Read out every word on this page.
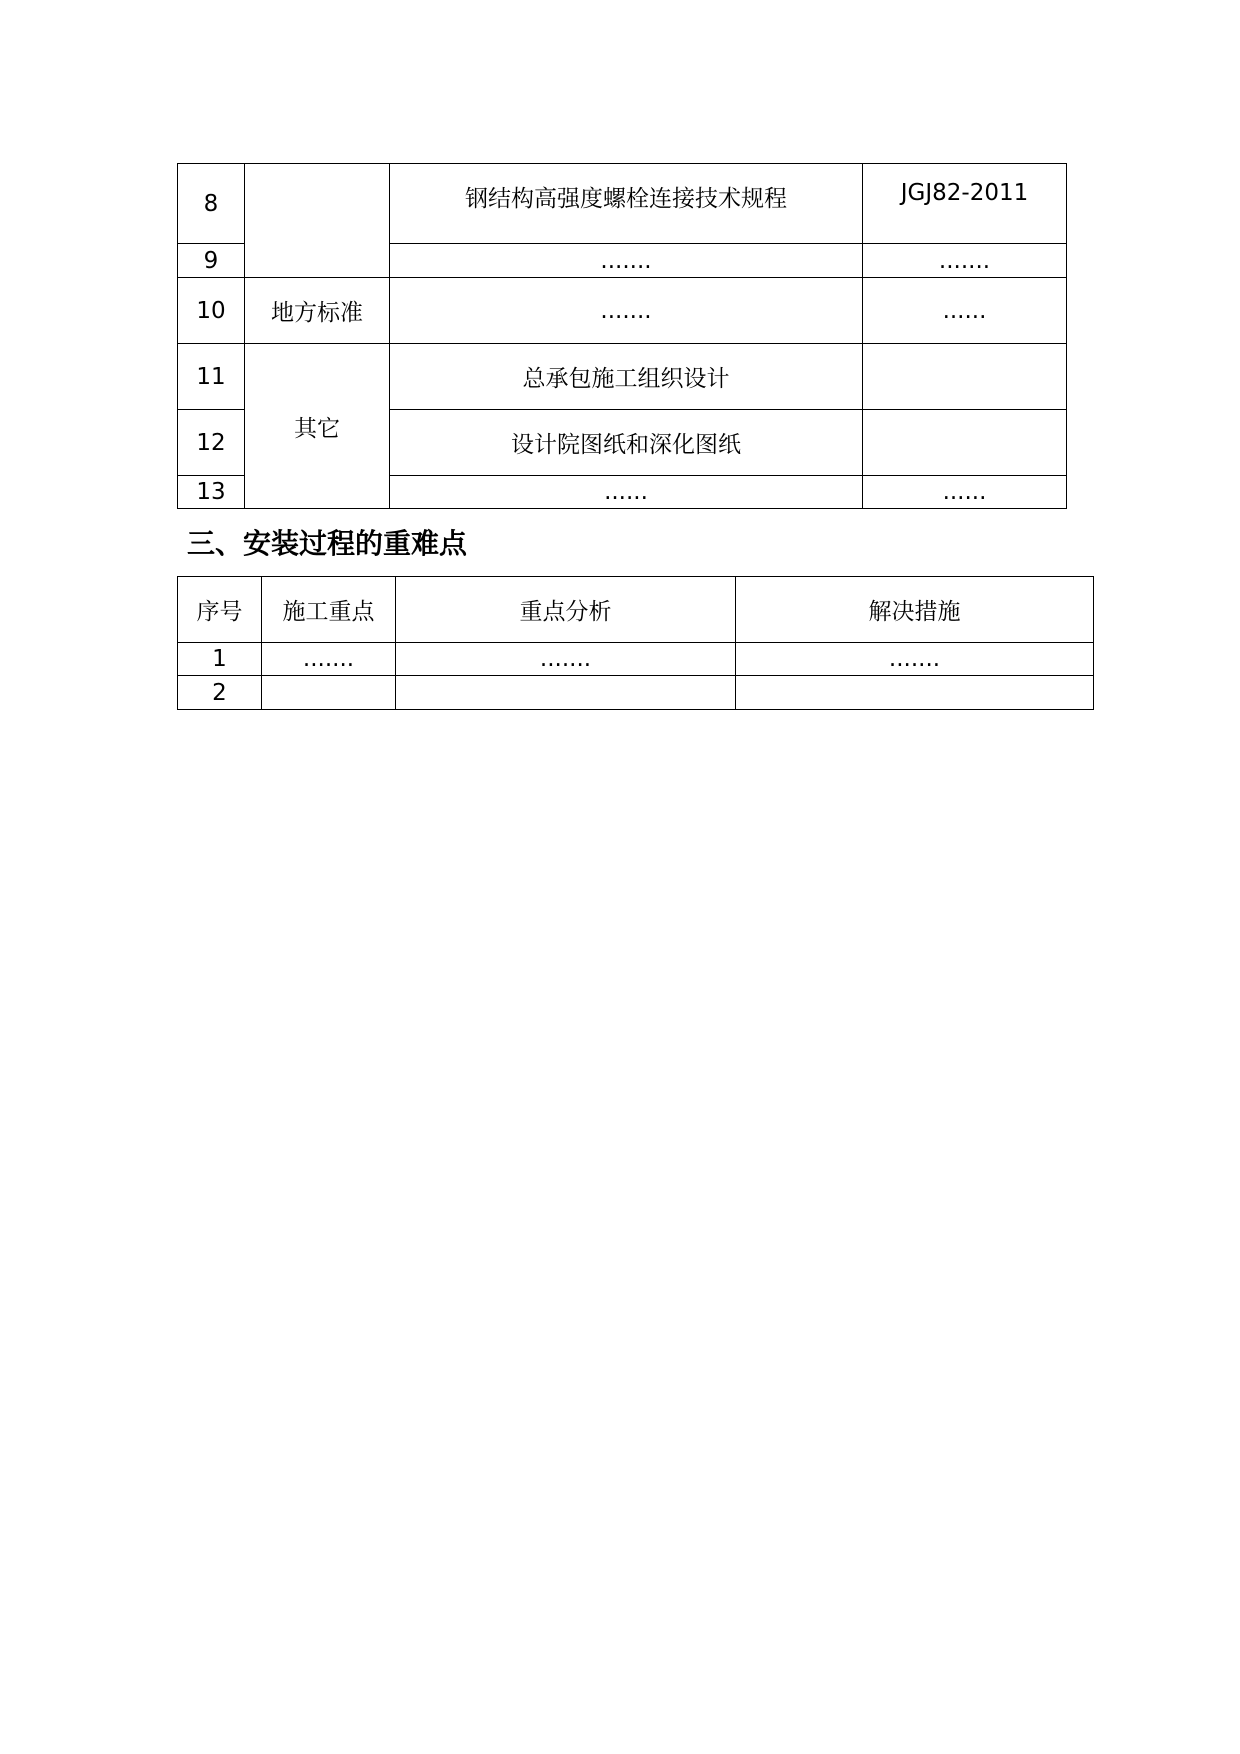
8		钢结构高强度螺栓连接技术规程	JGJ82-2011
9		.......	.......
10	地方标准	.......	......
11	其它	总承包施工组织设计	
12		设计院图纸和深化图纸	
13		......	......
三、安装过程的重难点
序号	施工重点	重点分析	解决措施
1	.......	.......	.......
2			
